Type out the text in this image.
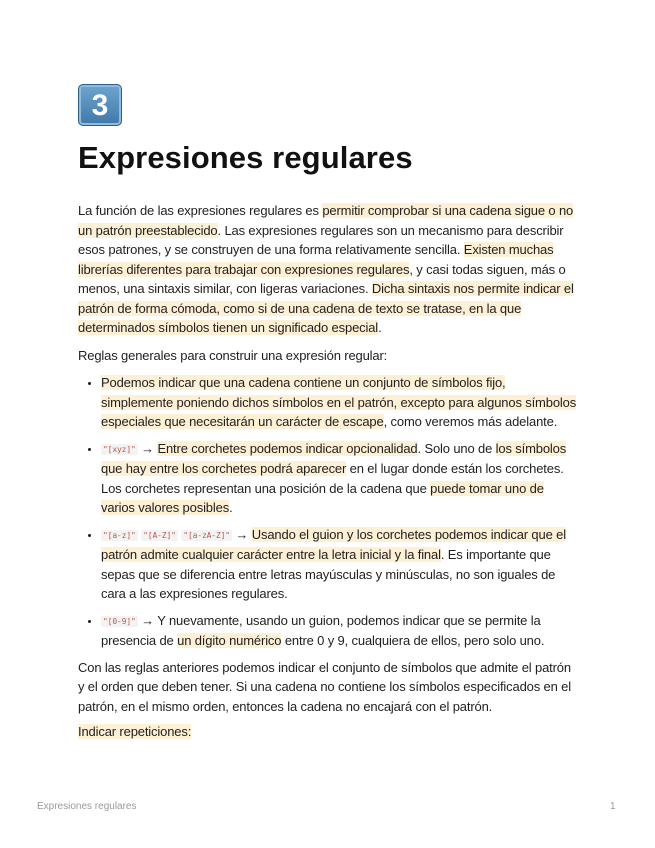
3
Expresiones regulares

La función de las expresiones regulares es permitir comprobar si una cadena sigue o no un patrón preestablecido. Las expresiones regulares son un mecanismo para describir esos patrones, y se construyen de una forma relativamente sencilla. Existen muchas librerías diferentes para trabajar con expresiones regulares, y casi todas siguen, más o menos, una sintaxis similar, con ligeras variaciones. Dicha sintaxis nos permite indicar el patrón de forma cómoda, como si de una cadena de texto se tratase, en la que determinados símbolos tienen un significado especial.

Reglas generales para construir una expresión regular:

• Podemos indicar que una cadena contiene un conjunto de símbolos fijo, simplemente poniendo dichos símbolos en el patrón, excepto para algunos símbolos especiales que necesitarán un carácter de escape, como veremos más adelante.
• "[xyz]" → Entre corchetes podemos indicar opcionalidad. Solo uno de los símbolos que hay entre los corchetes podrá aparecer en el lugar donde están los corchetes. Los corchetes representan una posición de la cadena que puede tomar uno de varios valores posibles.
• "[a-z]" "[A-Z]" "[a-zA-Z]" → Usando el guion y los corchetes podemos indicar que el patrón admite cualquier carácter entre la letra inicial y la final. Es importante que sepas que se diferencia entre letras mayúsculas y minúsculas, no son iguales de cara a las expresiones regulares.
• "[0-9]" → Y nuevamente, usando un guion, podemos indicar que se permite la presencia de un dígito numérico entre 0 y 9, cualquiera de ellos, pero solo uno.

Con las reglas anteriores podemos indicar el conjunto de símbolos que admite el patrón y el orden que deben tener. Si una cadena no contiene los símbolos especificados en el patrón, en el mismo orden, entonces la cadena no encajará con el patrón.

Indicar repeticiones:

Expresiones regulares	1
